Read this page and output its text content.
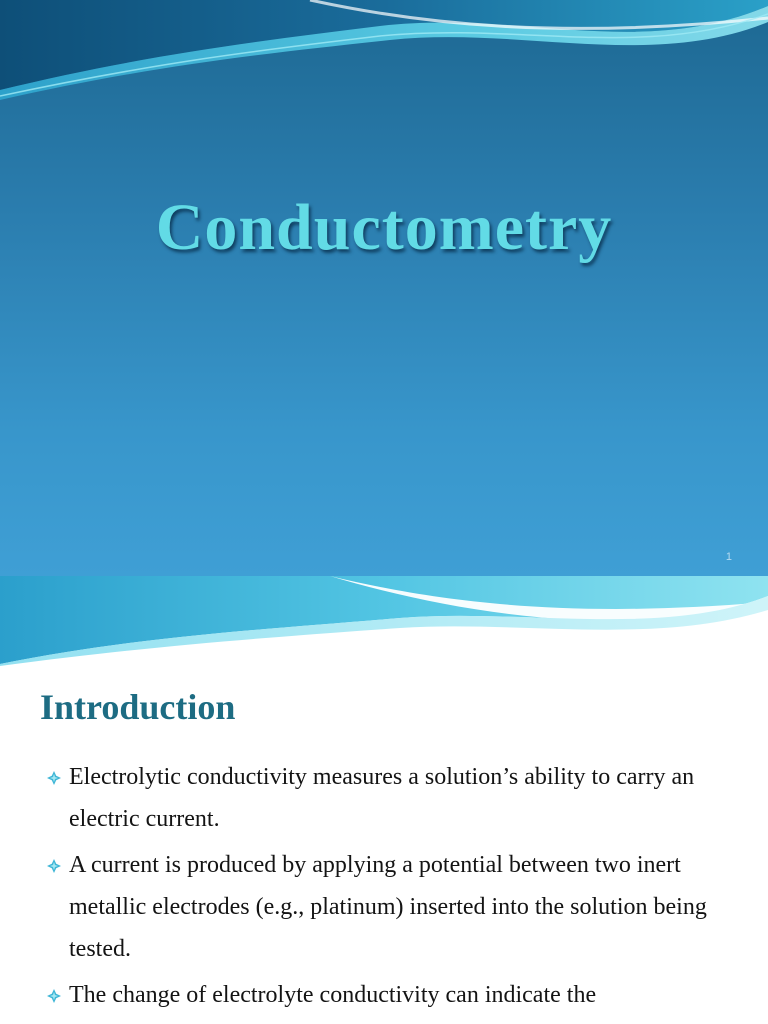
Conductometry
1
Introduction
Electrolytic conductivity measures a solution’s ability to carry an electric current.
A current is produced by applying a potential between two inert metallic electrodes (e.g., platinum) inserted into the solution being tested.
The change of electrolyte conductivity can indicate the
